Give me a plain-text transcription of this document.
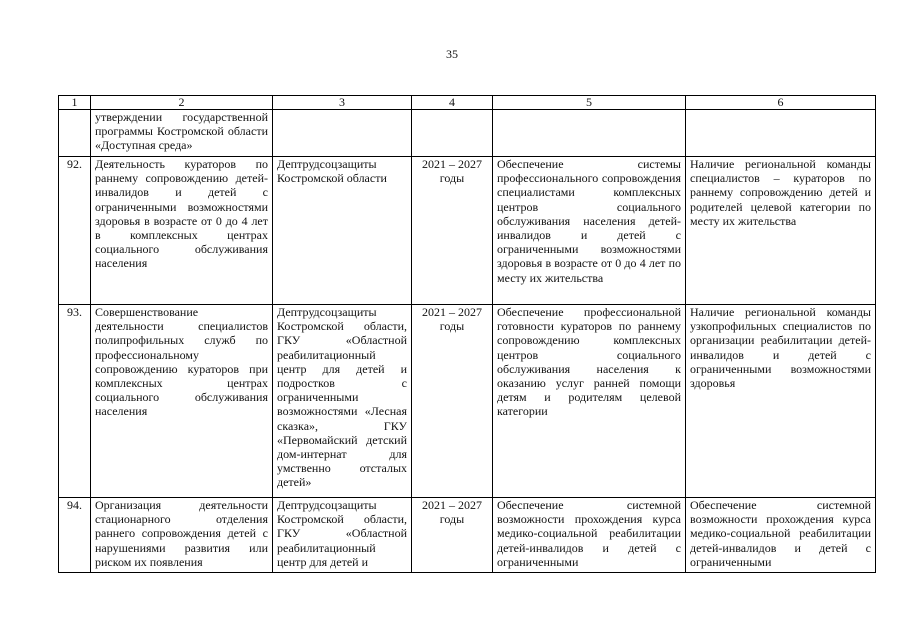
35
1	2	3	4	5	6
	утверждении государственной программы Костромской области «Доступная среда»				
92.	Деятельность кураторов по раннему сопровождению детей-инвалидов и детей с ограниченными возможностями здоровья в возрасте от 0 до 4 лет в комплексных центрах социального обслуживания населения	Дептрудсоцзащиты Костромской области	2021 – 2027 годы	Обеспечение системы профессионального сопровождения специалистами комплексных центров социального обслуживания населения детей-инвалидов и детей с ограниченными возможностями здоровья в возрасте от 0 до 4 лет по месту их жительства	Наличие региональной команды специалистов – кураторов по раннему сопровождению детей и родителей целевой категории по месту их жительства
93.	Совершенствование деятельности специалистов полипрофильных служб по профессиональному сопровождению кураторов при комплексных центрах социального обслуживания населения	Дептрудсоцзащиты Костромской области, ГКУ «Областной реабилитационный центр для детей и подростков с ограниченными возможностями «Лесная сказка», ГКУ «Первомайский детский дом-интернат для умственно отсталых детей»	2021 – 2027 годы	Обеспечение профессиональной готовности кураторов по раннему сопровождению комплексных центров социального обслуживания населения к оказанию услуг ранней помощи детям и родителям целевой категории	Наличие региональной команды узкопрофильных специалистов по организации реабилитации детей-инвалидов и детей с ограниченными возможностями здоровья
94.	Организация деятельности стационарного отделения раннего сопровождения детей с нарушениями развития или риском их появления	Дептрудсоцзащиты Костромской области, ГКУ «Областной реабилитационный центр для детей и	2021 – 2027 годы	Обеспечение системной возможности прохождения курса медико-социальной реабилитации детей-инвалидов и детей с ограниченными	Обеспечение системной возможности прохождения курса медико-социальной реабилитации детей-инвалидов и детей с ограниченными
